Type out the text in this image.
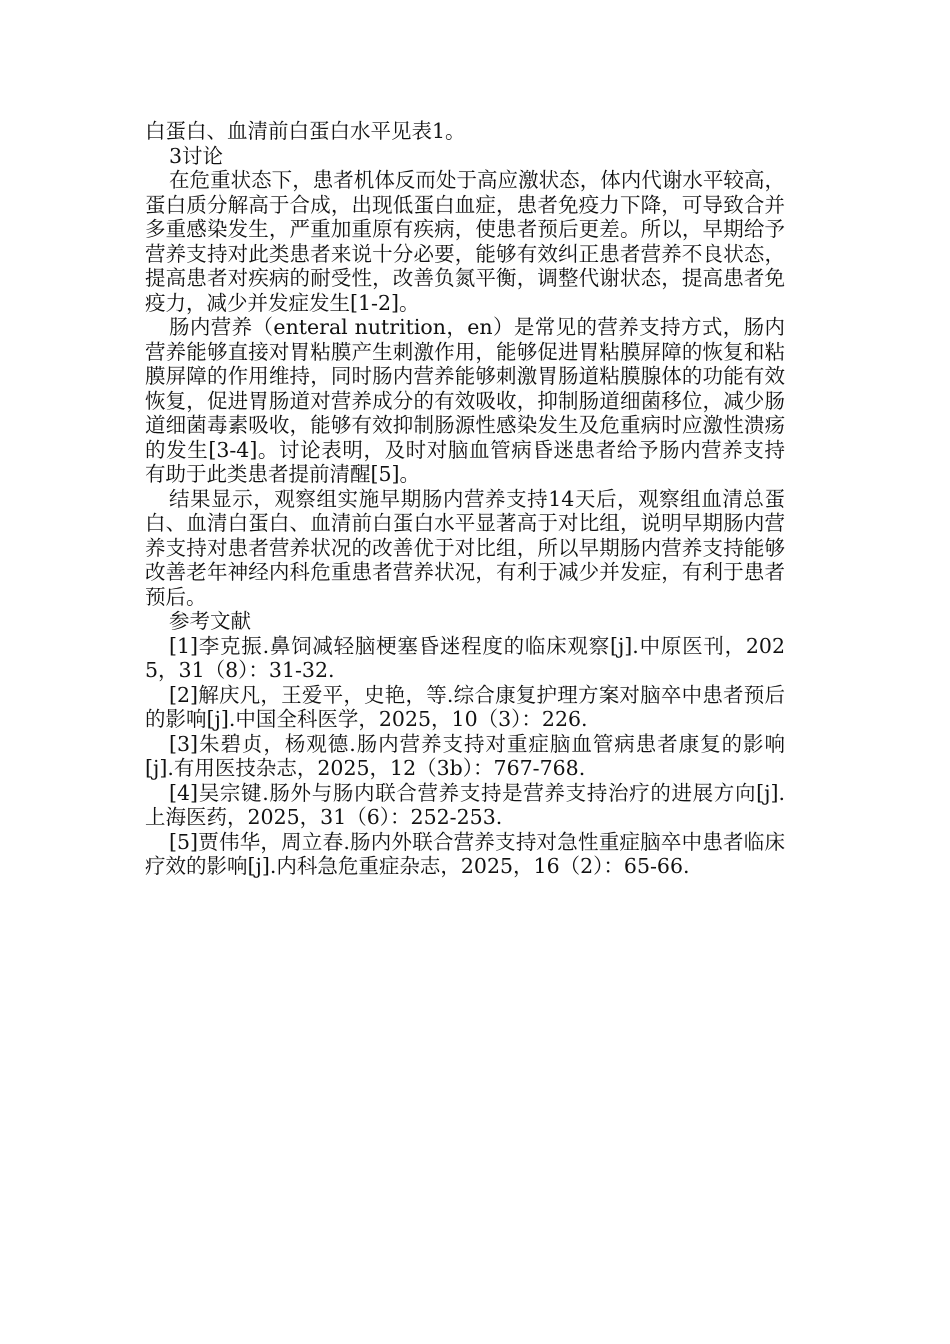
白蛋白、血清前白蛋白水平见表1。

3讨论

在危重状态下，患者机体反而处于高应激状态，体内代谢水平较高，蛋白质分解高于合成，出现低蛋白血症，患者免疫力下降，可导致合并多重感染发生，严重加重原有疾病，使患者预后更差。所以，早期给予营养支持对此类患者来说十分必要，能够有效纠正患者营养不良状态，提高患者对疾病的耐受性，改善负氮平衡，调整代谢状态，提高患者免疫力，减少并发症发生[1-2]。

肠内营养（enteral nutrition，en）是常见的营养支持方式，肠内营养能够直接对胃粘膜产生刺激作用，能够促进胃粘膜屏障的恢复和粘膜屏障的作用维持，同时肠内营养能够刺激胃肠道粘膜腺体的功能有效恢复，促进胃肠道对营养成分的有效吸收，抑制肠道细菌移位，减少肠道细菌毒素吸收，能够有效抑制肠源性感染发生及危重病时应激性溃疡的发生[3-4]。讨论表明，及时对脑血管病昏迷患者给予肠内营养支持有助于此类患者提前清醒[5]。

结果显示，观察组实施早期肠内营养支持14天后，观察组血清总蛋白、血清白蛋白、血清前白蛋白水平显著高于对比组，说明早期肠内营养支持对患者营养状况的改善优于对比组，所以早期肠内营养支持能够改善老年神经内科危重患者营养状况，有利于减少并发症，有利于患者预后。

参考文献

[1]李克振.鼻饲减轻脑梗塞昏迷程度的临床观察[j].中原医刊，2025，31（8）：31-32.

[2]解庆凡，王爱平，史艳，等.综合康复护理方案对脑卒中患者预后的影响[j].中国全科医学，2025，10（3）：226.

[3]朱碧贞，杨观德.肠内营养支持对重症脑血管病患者康复的影响[j].有用医技杂志，2025，12（3b）：767-768.

[4]吴宗键.肠外与肠内联合营养支持是营养支持治疗的进展方向[j].上海医药，2025，31（6）：252-253.

[5]贾伟华，周立春.肠内外联合营养支持对急性重症脑卒中患者临床疗效的影响[j].内科急危重症杂志，2025，16（2）：65-66.
